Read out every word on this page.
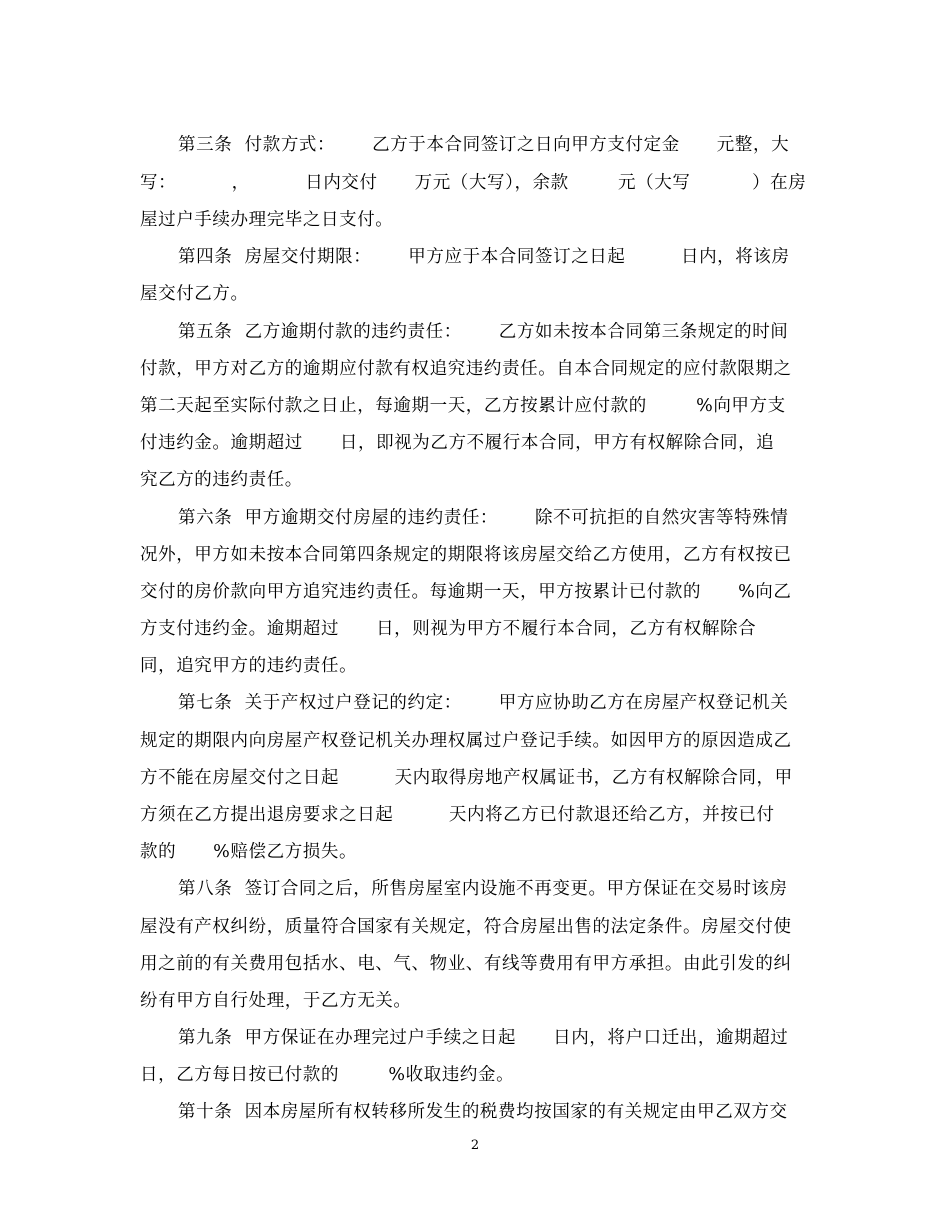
第三条  付款方式：      乙方于本合同签订之日向甲方支付定金      元整，大
写：         ，         日内交付      万元（大写），余款        元（大写          ）在房
屋过户手续办理完毕之日支付。
第四条  房屋交付期限：      甲方应于本合同签订之日起         日内，将该房
屋交付乙方。
第五条  乙方逾期付款的违约责任：      乙方如未按本合同第三条规定的时间
付款，甲方对乙方的逾期应付款有权追究违约责任。自本合同规定的应付款限期之
第二天起至实际付款之日止，每逾期一天，乙方按累计应付款的        %向甲方支
付违约金。逾期超过      日，即视为乙方不履行本合同，甲方有权解除合同，追
究乙方的违约责任。
第六条  甲方逾期交付房屋的违约责任：      除不可抗拒的自然灾害等特殊情
况外，甲方如未按本合同第四条规定的期限将该房屋交给乙方使用，乙方有权按已
交付的房价款向甲方追究违约责任。每逾期一天，甲方按累计已付款的      %向乙
方支付违约金。逾期超过      日，则视为甲方不履行本合同，乙方有权解除合
同，追究甲方的违约责任。
第七条  关于产权过户登记的约定：      甲方应协助乙方在房屋产权登记机关
规定的期限内向房屋产权登记机关办理权属过户登记手续。如因甲方的原因造成乙
方不能在房屋交付之日起         天内取得房地产权属证书，乙方有权解除合同，甲
方须在乙方提出退房要求之日起         天内将乙方已付款退还给乙方，并按已付
款的      %赔偿乙方损失。
第八条  签订合同之后，所售房屋室内设施不再变更。甲方保证在交易时该房
屋没有产权纠纷，质量符合国家有关规定，符合房屋出售的法定条件。房屋交付使
用之前的有关费用包括水、电、气、物业、有线等费用有甲方承担。由此引发的纠
纷有甲方自行处理，于乙方无关。
第九条  甲方保证在办理完过户手续之日起      日内，将户口迁出，逾期超过
日，乙方每日按已付款的        %收取违约金。
第十条  因本房屋所有权转移所发生的税费均按国家的有关规定由甲乙双方交
2
